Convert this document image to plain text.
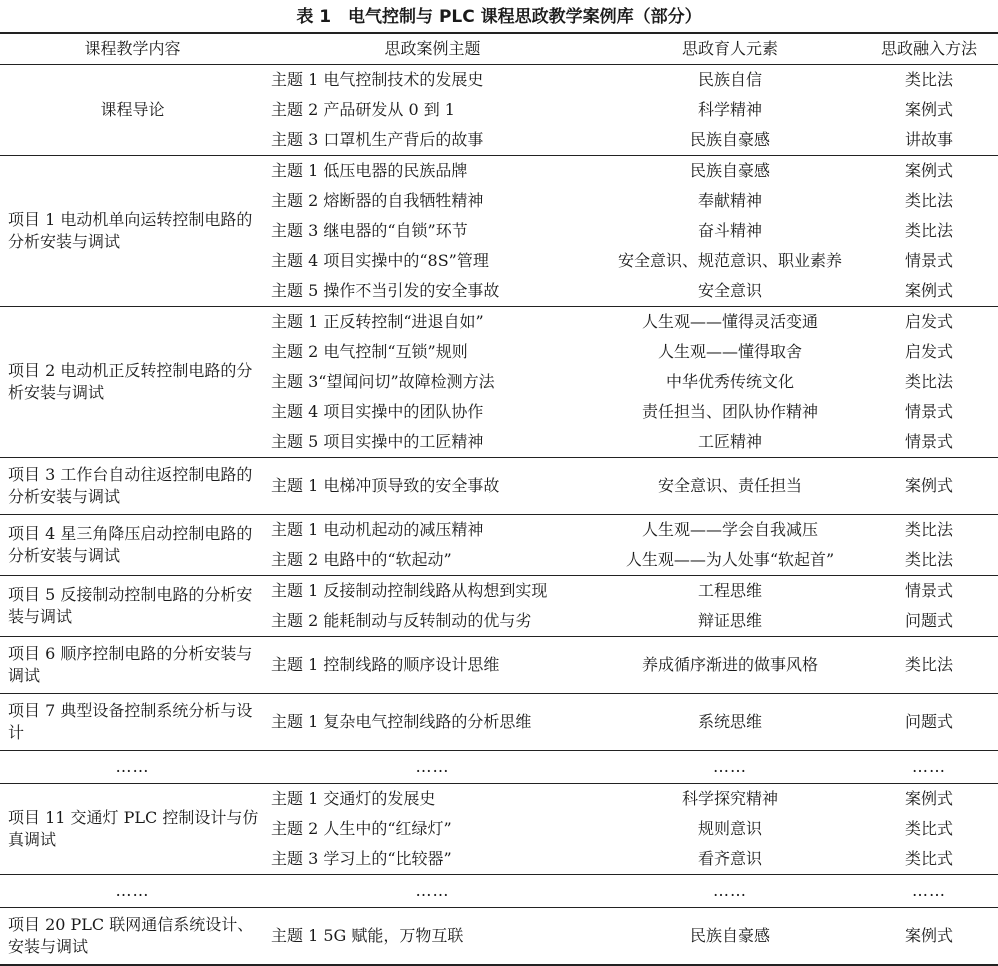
表 1　电气控制与 PLC 课程思政教学案例库（部分）
课程教学内容	思政案例主题	思政育人元素	思政融入方法
课程导论	主题 1 电气控制技术的发展史	民族自信	类比法
	主题 2 产品研发从 0 到 1	科学精神	案例式
	主题 3 口罩机生产背后的故事	民族自豪感	讲故事
项目 1 电动机单向运转控制电路的分析安装与调试	主题 1 低压电器的民族品牌	民族自豪感	案例式
	主题 2 熔断器的自我牺牲精神	奉献精神	类比法
	主题 3 继电器的“自锁”环节	奋斗精神	类比法
	主题 4 项目实操中的“8S”管理	安全意识、规范意识、职业素养	情景式
	主题 5 操作不当引发的安全事故	安全意识	案例式
项目 2 电动机正反转控制电路的分析安装与调试	主题 1 正反转控制“进退自如”	人生观——懂得灵活变通	启发式
	主题 2 电气控制“互锁”规则	人生观——懂得取舍	启发式
	主题 3“望闻问切”故障检测方法	中华优秀传统文化	类比法
	主题 4 项目实操中的团队协作	责任担当、团队协作精神	情景式
	主题 5 项目实操中的工匠精神	工匠精神	情景式
项目 3 工作台自动往返控制电路的分析安装与调试	主题 1 电梯冲顶导致的安全事故	安全意识、责任担当	案例式
项目 4 星三角降压启动控制电路的分析安装与调试	主题 1 电动机起动的减压精神	人生观——学会自我减压	类比法
	主题 2 电路中的“软起动”	人生观——为人处事“软起首”	类比法
项目 5 反接制动控制电路的分析安装与调试	主题 1 反接制动控制线路从构想到实现	工程思维	情景式
	主题 2 能耗制动与反转制动的优与劣	辩证思维	问题式
项目 6 顺序控制电路的分析安装与调试	主题 1 控制线路的顺序设计思维	养成循序渐进的做事风格	类比法
项目 7 典型设备控制系统分析与设计	主题 1 复杂电气控制线路的分析思维	系统思维	问题式
……	……	……	……
项目 11 交通灯 PLC 控制设计与仿真调试	主题 1 交通灯的发展史	科学探究精神	案例式
	主题 2 人生中的“红绿灯”	规则意识	类比式
	主题 3 学习上的“比较器”	看齐意识	类比式
……	……	……	……
项目 20 PLC 联网通信系统设计、安装与调试	主题 1 5G 赋能，万物互联	民族自豪感	案例式
